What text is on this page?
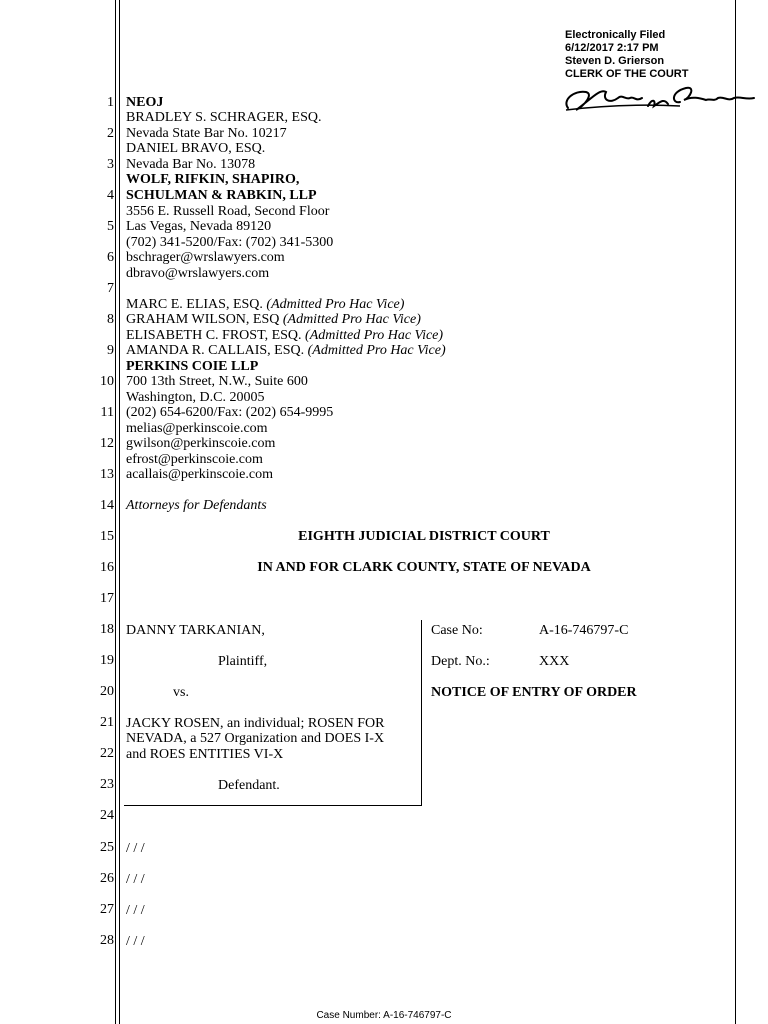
Electronically Filed
6/12/2017 2:17 PM
Steven D. Grierson
CLERK OF THE COURT
1
2
3
4
5
6
7
8
9
10
11
12
13
14
15
16
17
18
19
20
21
22
23
24
25
26
27
28
NEOJ
BRADLEY S. SCHRAGER, ESQ.
Nevada State Bar No. 10217
DANIEL BRAVO, ESQ.
Nevada Bar No. 13078
WOLF, RIFKIN, SHAPIRO,
SCHULMAN & RABKIN, LLP
3556 E. Russell Road, Second Floor
Las Vegas, Nevada 89120
(702) 341-5200/Fax: (702) 341-5300
bschrager@wrslawyers.com
dbravo@wrslawyers.com
MARC E. ELIAS, ESQ. (Admitted Pro Hac Vice)
GRAHAM WILSON, ESQ (Admitted Pro Hac Vice)
ELISABETH C. FROST, ESQ. (Admitted Pro Hac Vice)
AMANDA R. CALLAIS, ESQ. (Admitted Pro Hac Vice)
PERKINS COIE LLP
700 13th Street, N.W., Suite 600
Washington, D.C. 20005
(202) 654-6200/Fax: (202) 654-9995
melias@perkinscoie.com
gwilson@perkinscoie.com
efrost@perkinscoie.com
acallais@perkinscoie.com
Attorneys for Defendants
EIGHTH JUDICIAL DISTRICT COURT
IN AND FOR CLARK COUNTY, STATE OF NEVADA
DANNY TARKANIAN,
Plaintiff,
vs.
JACKY ROSEN, an individual; ROSEN FOR
NEVADA, a 527 Organization and DOES I-X
and ROES ENTITIES VI-X
Defendant.
Case No:	A-16-746797-C
Dept. No.:	XXX
NOTICE OF ENTRY OF ORDER
/ / /
/ / /
/ / /
/ / /
Case Number: A-16-746797-C
